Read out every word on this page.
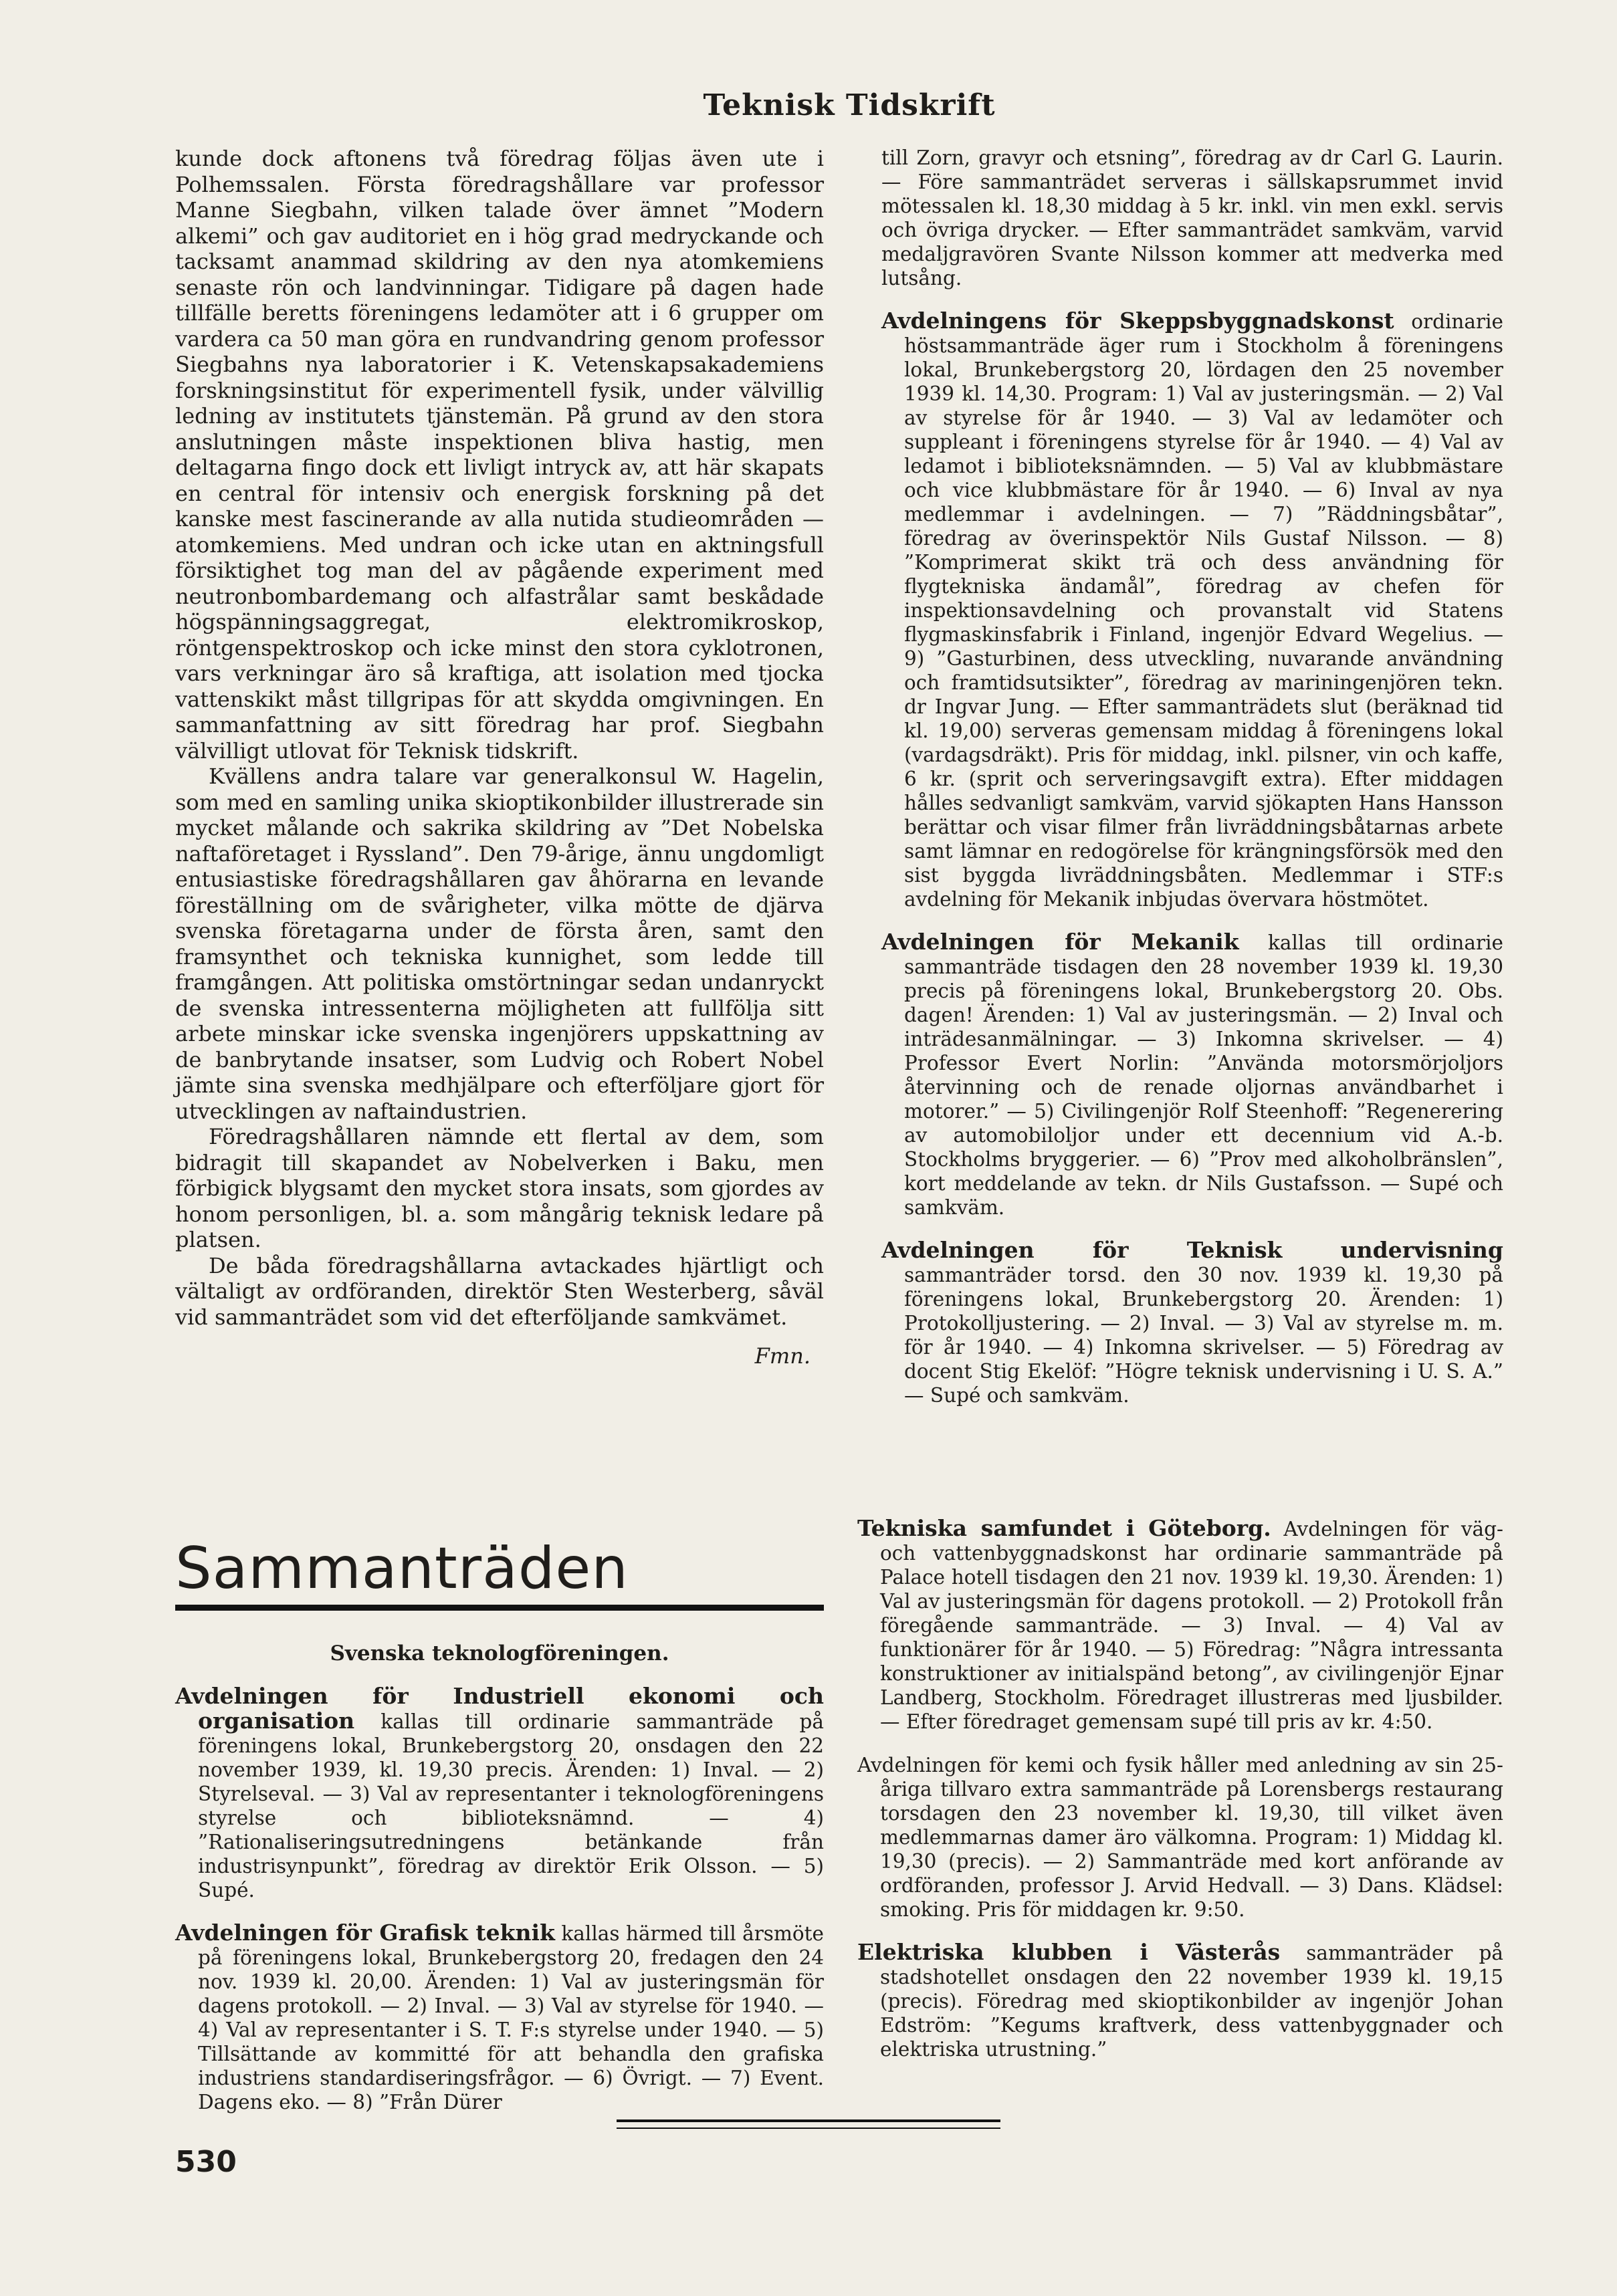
Teknisk Tidskrift

kunde dock aftonens två föredrag följas även ute i Polhemssalen. Första föredragshållare var professor Manne Siegbahn, vilken talade över ämnet ”Modern alkemi” och gav auditoriet en i hög grad medryckande och tacksamt anammad skildring av den nya atomkemiens senaste rön och landvinningar. Tidigare på dagen hade tillfälle beretts föreningens ledamöter att i 6 grupper om vardera ca 50 man göra en rundvandring genom professor Siegbahns nya laboratorier i K. Vetenskapsakademiens forskningsinstitut för experimentell fysik, under välvillig ledning av institutets tjänstemän. På grund av den stora anslutningen måste inspektionen bliva hastig, men deltagarna fingo dock ett livligt intryck av, att här skapats en central för intensiv och energisk forskning på det kanske mest fascinerande av alla nutida studieområden — atomkemiens. Med undran och icke utan en aktningsfull försiktighet tog man del av pågående experiment med neutronbombardemang och alfastrålar samt beskådade högspänningsaggregat, elektromikroskop, röntgenspektroskop och icke minst den stora cyklotronen, vars verkningar äro så kraftiga, att isolation med tjocka vattenskikt måst tillgripas för att skydda omgivningen. En sammanfattning av sitt föredrag har prof. Siegbahn välvilligt utlovat för Teknisk tidskrift.

Kvällens andra talare var generalkonsul W. Hagelin, som med en samling unika skioptikonbilder illustrerade sin mycket målande och sakrika skildring av ”Det Nobelska naftaföretaget i Ryssland”. Den 79-årige, ännu ungdomligt entusiastiske föredragshållaren gav åhörarna en levande föreställning om de svårigheter, vilka mötte de djärva svenska företagarna under de första åren, samt den framsynthet och tekniska kunnighet, som ledde till framgången. Att politiska omstörtningar sedan undanryckt de svenska intressenterna möjligheten att fullfölja sitt arbete minskar icke svenska ingenjörers uppskattning av de banbrytande insatser, som Ludvig och Robert Nobel jämte sina svenska medhjälpare och efterföljare gjort för utvecklingen av naftaindustrien.

Föredragshållaren nämnde ett flertal av dem, som bidragit till skapandet av Nobelverken i Baku, men förbigick blygsamt den mycket stora insats, som gjordes av honom personligen, bl. a. som mångårig teknisk ledare på platsen.

De båda föredragshållarna avtackades hjärtligt och vältaligt av ordföranden, direktör Sten Westerberg, såväl vid sammanträdet som vid det efterföljande samkvämet.

Fmn.

till Zorn, gravyr och etsning”, föredrag av dr Carl G. Laurin. — Före sammanträdet serveras i sällskapsrummet invid mötessalen kl. 18,30 middag à 5 kr. inkl. vin men exkl. servis och övriga drycker. — Efter sammanträdet samkväm, varvid medaljgravören Svante Nilsson kommer att medverka med lutsång.

Avdelningens för Skeppsbyggnadskonst ordinarie höstsammanträde äger rum i Stockholm å föreningens lokal, Brunkebergstorg 20, lördagen den 25 november 1939 kl. 14,30. Program: 1) Val av justeringsmän. — 2) Val av styrelse för år 1940. — 3) Val av ledamöter och suppleant i föreningens styrelse för år 1940. — 4) Val av ledamot i biblioteksnämnden. — 5) Val av klubbmästare och vice klubbmästare för år 1940. — 6) Inval av nya medlemmar i avdelningen. — 7) ”Räddningsbåtar”, föredrag av överinspektör Nils Gustaf Nilsson. — 8) ”Komprimerat skikt trä och dess användning för flygtekniska ändamål”, föredrag av chefen för inspektionsavdelning och provanstalt vid Statens flygmaskinsfabrik i Finland, ingenjör Edvard Wegelius. — 9) ”Gasturbinen, dess utveckling, nuvarande användning och framtidsutsikter”, föredrag av mariningenjören tekn. dr Ingvar Jung. — Efter sammanträdets slut (beräknad tid kl. 19,00) serveras gemensam middag å föreningens lokal (vardagsdräkt). Pris för middag, inkl. pilsner, vin och kaffe, 6 kr. (sprit och serveringsavgift extra). Efter middagen hålles sedvanligt samkväm, varvid sjökapten Hans Hansson berättar och visar filmer från livräddningsbåtarnas arbete samt lämnar en redogörelse för krängningsförsök med den sist byggda livräddningsbåten. Medlemmar i STF:s avdelning för Mekanik inbjudas övervara höstmötet.

Avdelningen för Mekanik kallas till ordinarie sammanträde tisdagen den 28 november 1939 kl. 19,30 precis på föreningens lokal, Brunkebergstorg 20. Obs. dagen! Ärenden: 1) Val av justeringsmän. — 2) Inval och inträdesanmälningar. — 3) Inkomna skrivelser. — 4) Professor Evert Norlin: ”Använda motorsmörjoljors återvinning och de renade oljornas användbarhet i motorer.” — 5) Civilingenjör Rolf Steenhoff: ”Regenerering av automobiloljor under ett decennium vid A.-b. Stockholms bryggerier. — 6) ”Prov med alkoholbränslen”, kort meddelande av tekn. dr Nils Gustafsson. — Supé och samkväm.

Avdelningen för Teknisk undervisning sammanträder torsd. den 30 nov. 1939 kl. 19,30 på föreningens lokal, Brunkebergstorg 20. Ärenden: 1) Protokolljustering. — 2) Inval. — 3) Val av styrelse m. m. för år 1940. — 4) Inkomna skrivelser. — 5) Föredrag av docent Stig Ekelöf: ”Högre teknisk undervisning i U. S. A.” — Supé och samkväm.

Sammanträden

Svenska teknologföreningen.

Avdelningen för Industriell ekonomi och organisation kallas till ordinarie sammanträde på föreningens lokal, Brunkebergstorg 20, onsdagen den 22 november 1939, kl. 19,30 precis. Ärenden: 1) Inval. — 2) Styrelseval. — 3) Val av representanter i teknologföreningens styrelse och biblioteksnämnd. — 4) ”Rationaliseringsutredningens betänkande från industrisynpunkt”, föredrag av direktör Erik Olsson. — 5) Supé.

Avdelningen för Grafisk teknik kallas härmed till årsmöte på föreningens lokal, Brunkebergstorg 20, fredagen den 24 nov. 1939 kl. 20,00. Ärenden: 1) Val av justeringsmän för dagens protokoll. — 2) Inval. — 3) Val av styrelse för 1940. — 4) Val av representanter i S. T. F:s styrelse under 1940. — 5) Tillsättande av kommitté för att behandla den grafiska industriens standardiseringsfrågor. — 6) Övrigt. — 7) Event. Dagens eko. — 8) ”Från Dürer

Tekniska samfundet i Göteborg. Avdelningen för väg- och vattenbyggnadskonst har ordinarie sammanträde på Palace hotell tisdagen den 21 nov. 1939 kl. 19,30. Ärenden: 1) Val av justeringsmän för dagens protokoll. — 2) Protokoll från föregående sammanträde. — 3) Inval. — 4) Val av funktionärer för år 1940. — 5) Föredrag: ”Några intressanta konstruktioner av initialspänd betong”, av civilingenjör Ejnar Landberg, Stockholm. Föredraget illustreras med ljusbilder. — Efter föredraget gemensam supé till pris av kr. 4:50.

Avdelningen för kemi och fysik håller med anledning av sin 25-åriga tillvaro extra sammanträde på Lorensbergs restaurang torsdagen den 23 november kl. 19,30, till vilket även medlemmarnas damer äro välkomna. Program: 1) Middag kl. 19,30 (precis). — 2) Sammanträde med kort anförande av ordföranden, professor J. Arvid Hedvall. — 3) Dans. Klädsel: smoking. Pris för middagen kr. 9:50.

Elektriska klubben i Västerås sammanträder på stadshotellet onsdagen den 22 november 1939 kl. 19,15 (precis). Föredrag med skioptikonbilder av ingenjör Johan Edström: ”Kegums kraftverk, dess vattenbyggnader och elektriska utrustning.”

530
